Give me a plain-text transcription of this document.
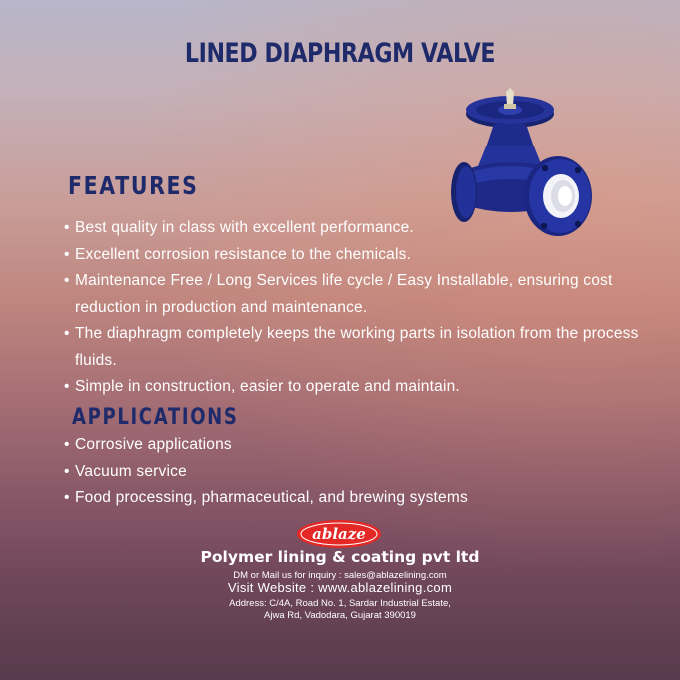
LINED DIAPHRAGM VALVE
FEATURES
• Best quality in class with excellent performance.
• Excellent corrosion resistance to the chemicals.
• Maintenance Free / Long Services life cycle / Easy Installable, ensuring cost reduction in production and maintenance.
• The diaphragm completely keeps the working parts in isolation from the process fluids.
• Simple in construction, easier to operate and maintain.
APPLICATIONS
• Corrosive applications
• Vacuum service
• Food processing, pharmaceutical, and brewing systems
ablaze
Polymer lining & coating pvt ltd
DM or Mail us for inquiry : sales@ablazelining.com
Visit Website : www.ablazelining.com
Address: C/4A, Road No. 1, Sardar Industrial Estate,
Ajwa Rd, Vadodara, Gujarat 390019
